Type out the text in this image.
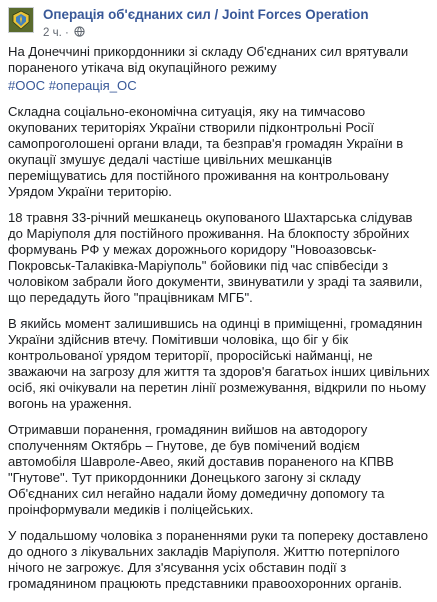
Операція об'єднаних сил / Joint Forces Operation
2 ч. ·

На Донеччині прикордонники зі складу Об'єднаних сил врятували пораненого утікача від окупаційного режиму

#ООС #операція_ОС

Складна соціально-економічна ситуація, яку на тимчасово окупованих територіях України створили підконтрольні Росії самопроголошені органи влади, та безправ'я громадян України в окупації змушує дедалі частіше цивільних мешканців переміщуватись для постійного проживання на контрольовану Урядом України територію.

18 травня 33-річний мешканець окупованого Шахтарська слідував до Маріуполя для постійного проживання. На блокпосту збройних формувань РФ у межах дорожнього коридору "Новоазовськ-Покровськ-Талаківка-Маріуполь" бойовики під час співбесіди з чоловіком забрали його документи, звинуватили у зраді та заявили, що передадуть його "працівникам МГБ".

В якийсь момент залишившись на одинці в приміщенні, громадянин України здійснив втечу. Помітивши чоловіка, що біг у бік контрольованої урядом території, проросійські найманці, не зважаючи на загрозу для життя та здоров'я багатьох інших цивільних осіб, які очікували на перетин лінії розмежування, відкрили по ньому вогонь на ураження.

Отримавши поранення, громадянин вийшов на автодорогу сполученням Октябрь – Гнутове, де був помічений водієм автомобіля Шавроле-Авео, який доставив пораненого на КПВВ "Гнутове". Тут прикордонники Донецького загону зі складу Об'єднаних сил негайно надали йому домедичну допомогу та проінформували медиків і поліцейських.

У подальшому чоловіка з пораненнями руки та попереку доставлено до одного з лікувальних закладів Маріуполя. Життю потерпілого нічого не загрожує. Для з'ясування усіх обставин події з громадянином працюють представники правоохоронних органів.
